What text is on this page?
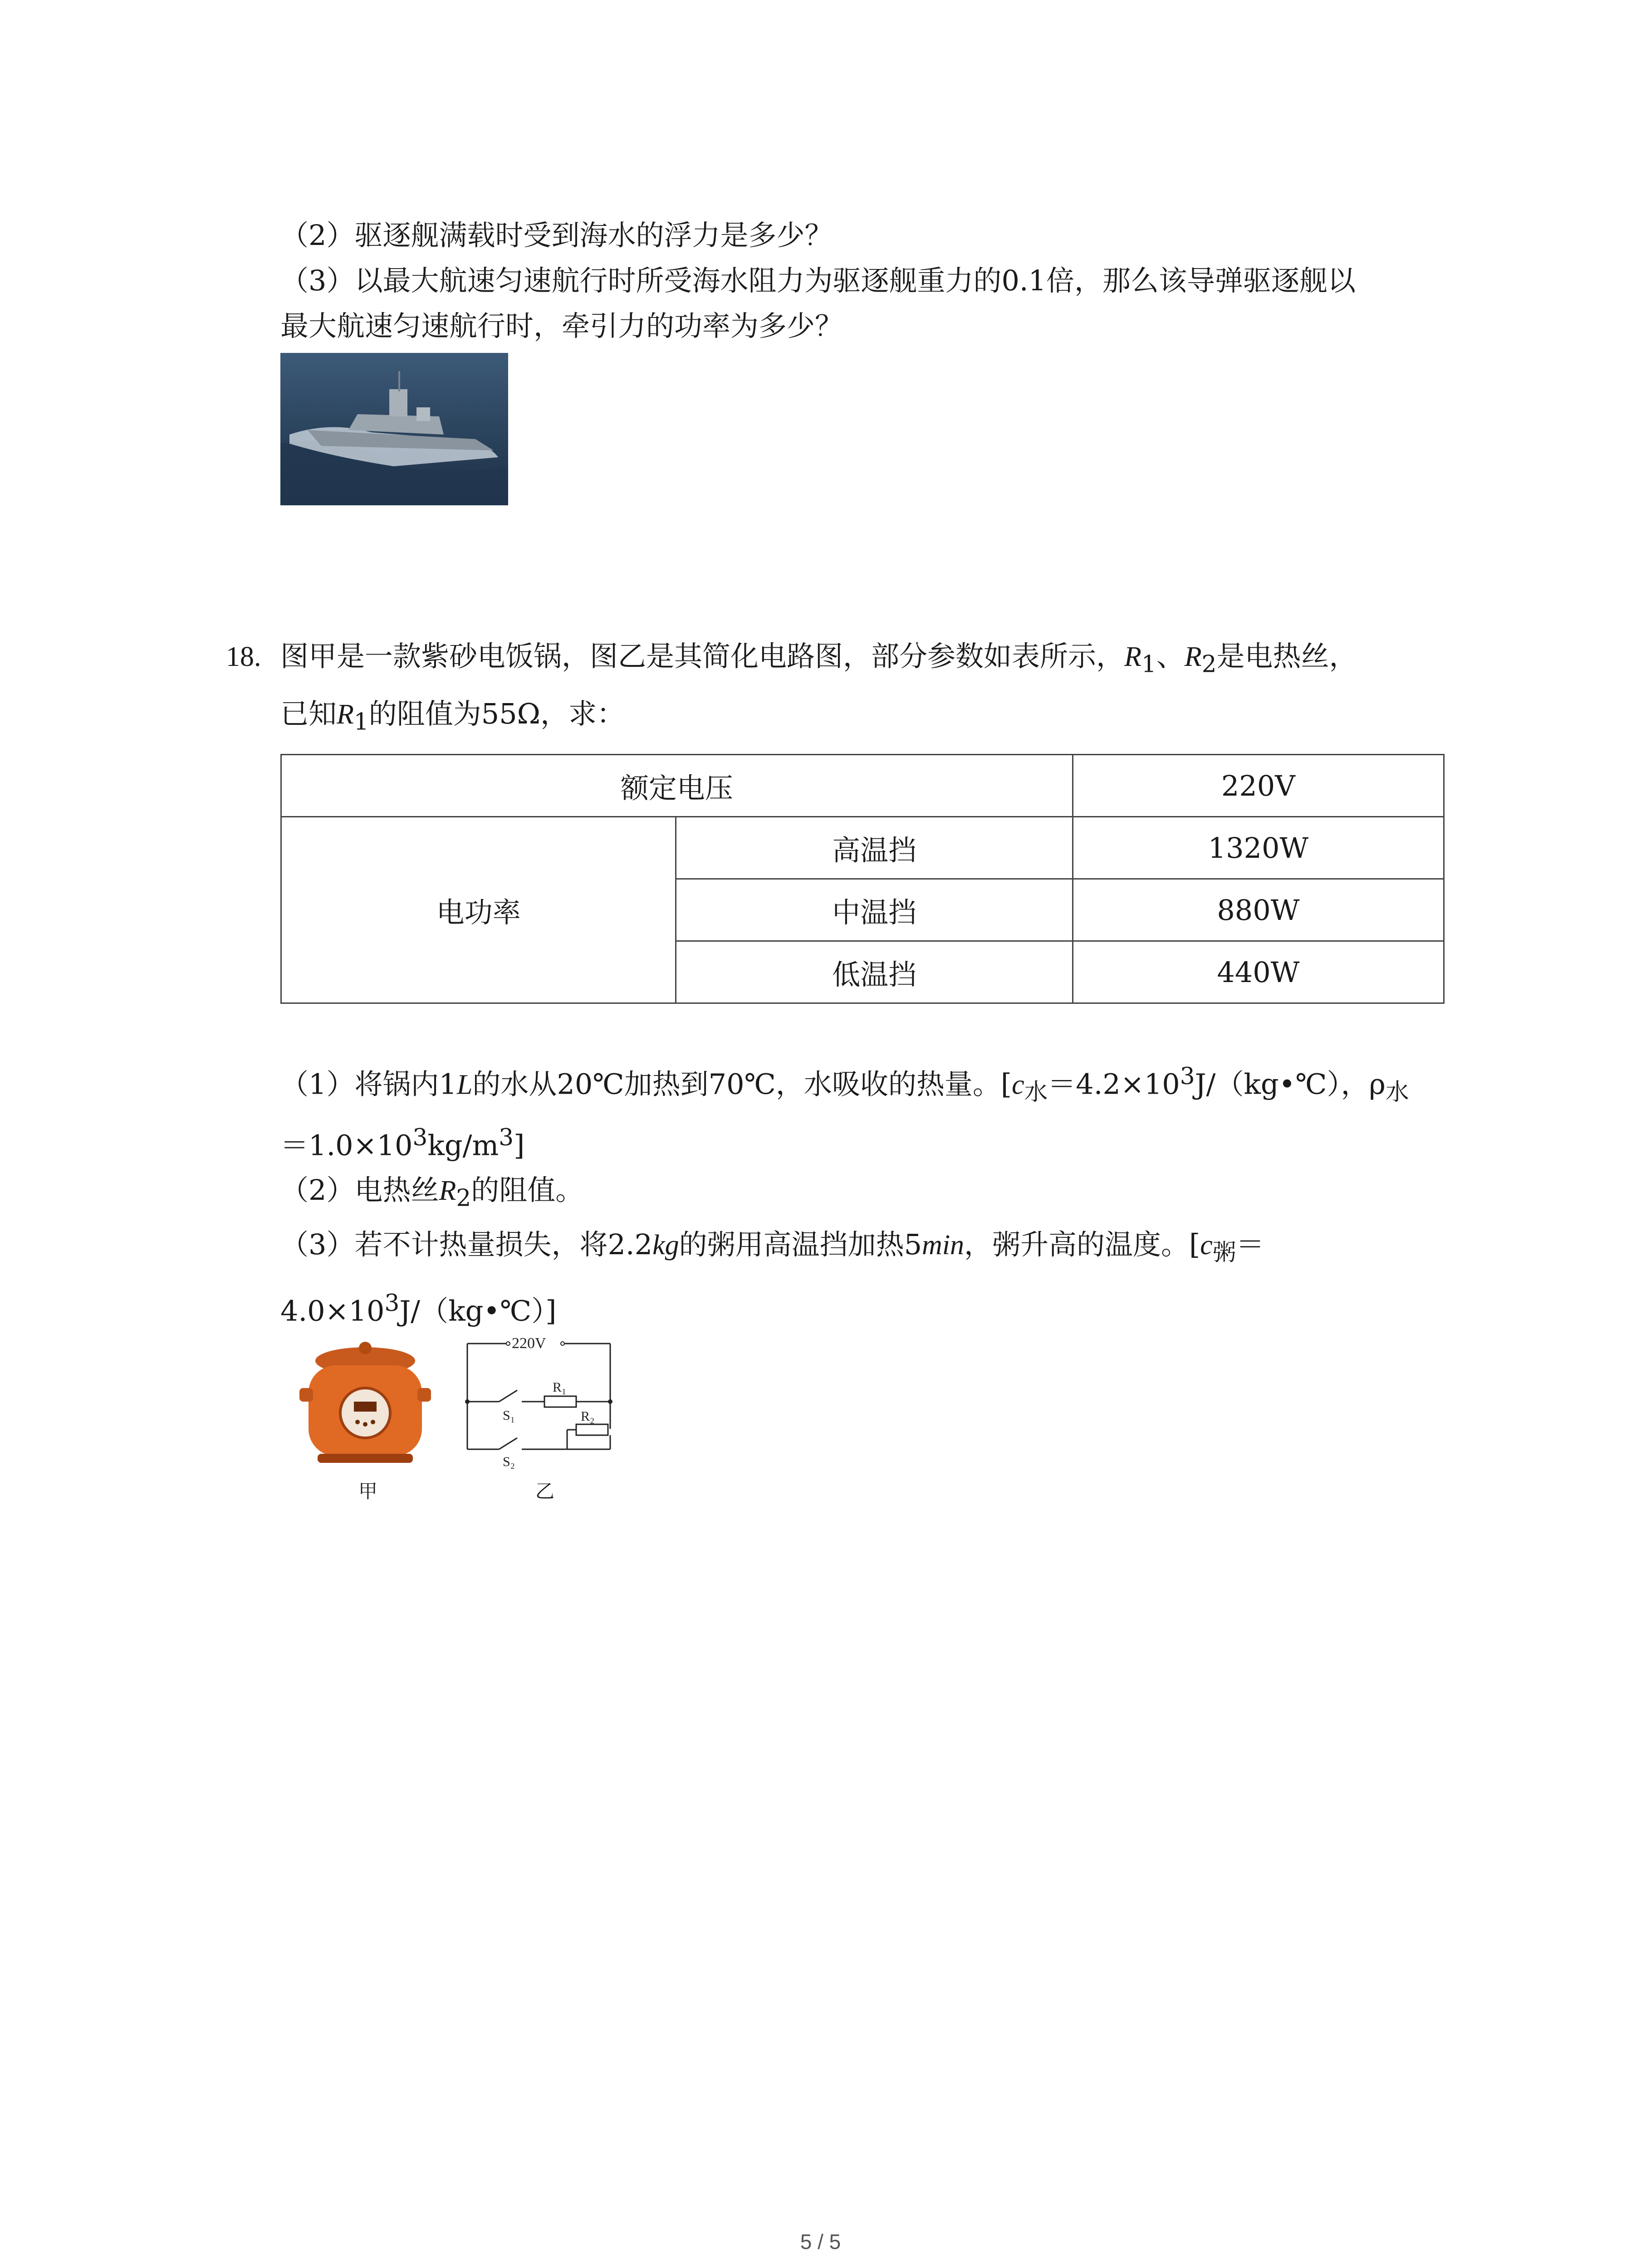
（2）驱逐舰满载时受到海水的浮力是多少？
（3）以最大航速匀速航行时所受海水阻力为驱逐舰重力的0.1倍，那么该导弹驱逐舰以
最大航速匀速航行时，牵引力的功率为多少？
18. 图甲是一款紫砂电饭锅，图乙是其简化电路图，部分参数如表所示，$R_1$、$R_2$是电热丝，
已知$R_1$的阻值为55Ω，求：
额定电压		220V
电功率	高温挡	1320W
	中温挡	880W
	低温挡	440W
（1）将锅内1L的水从20℃加热到70℃，水吸收的热量。[$c_水=4.2\times 10^3J/(kg•℃)$，$\rho_水$
$=1.0\times 10^3kg/m^3$]
（2）电热丝$R_2$的阻值。
（3）若不计热量损失，将2.2kg的粥用高温挡加热5min，粥升高的温度。[$c_粥=$
$4.0\times 10^3J/(kg•℃)$]
甲
220V
R₁
S₁	R₂
S₂
乙
5 / 5
